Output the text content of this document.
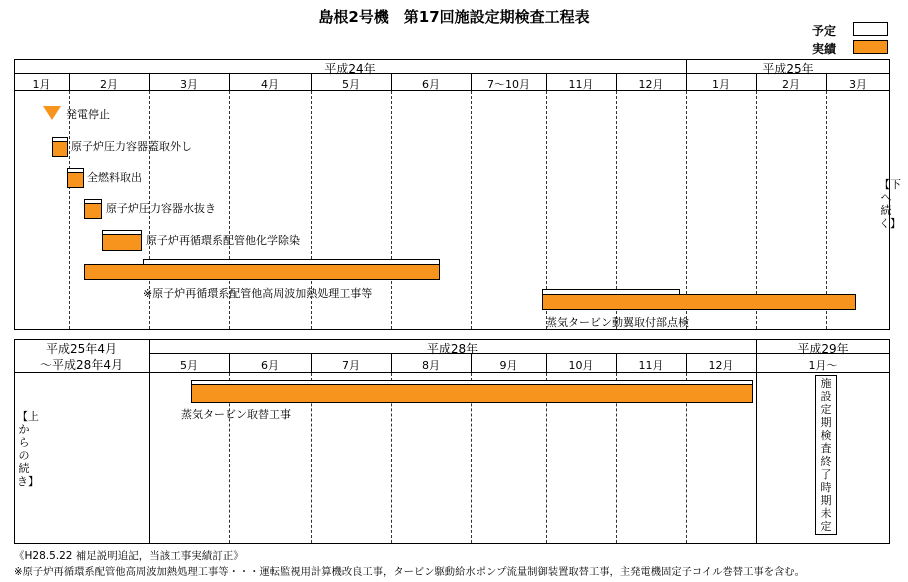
島根2号機　第17回施設定期検査工程表
予定
実績
平成24年	平成25年
1月	2月	3月	4月	5月	6月	7～10月	11月	12月	1月	2月	3月
発電停止
原子炉圧力容器蓋取外し
全燃料取出
原子炉圧力容器水抜き
原子炉再循環系配管他化学除染
※原子炉再循環系配管他高周波加熱処理工事等
蒸気タービン動翼取付部点検
【下へ続く】
平成25年4月
～平成28年4月
平成28年	平成29年
5月	6月	7月	8月	9月	10月	11月	12月	1月～
蒸気タービン取替工事
【上からの続き】
施設定期検査終了時期未定
《H28.5.22 補足説明追記，当該工事実績訂正》
※原子炉再循環系配管他高周波加熱処理工事等・・・運転監視用計算機改良工事，タービン駆動給水ポンプ流量制御装置取替工事，主発電機固定子コイル巻替工事を含む。
